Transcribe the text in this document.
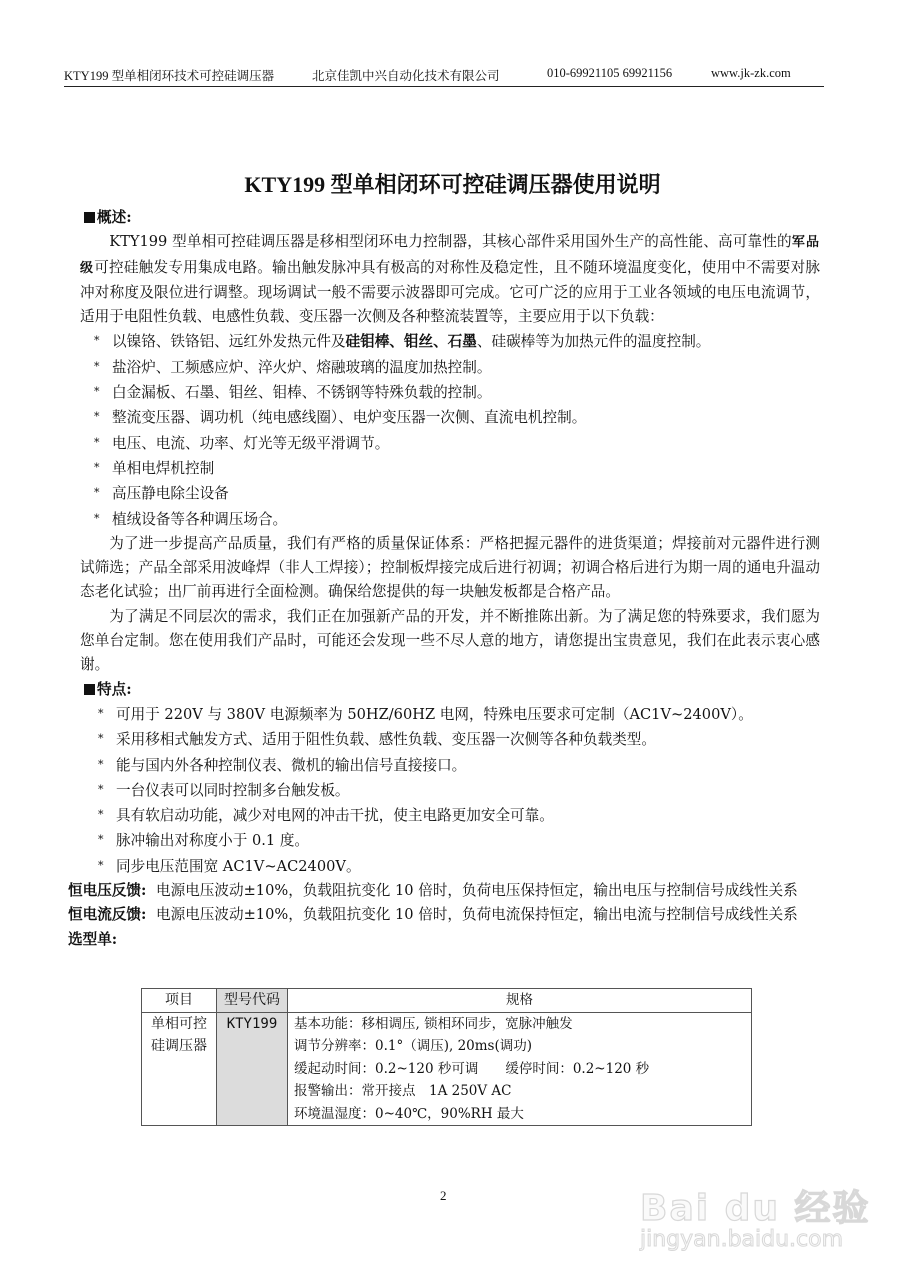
KTY199 型单相闭环技术可控硅调压器	北京佳凯中兴自动化技术有限公司	010-69921105 69921156	www.jk-zk.com
KTY199 型单相闭环可控硅调压器使用说明
概述:
KTY199 型单相可控硅调压器是移相型闭环电力控制器，其核心部件采用国外生产的高性能、高可靠性的军品级可控硅触发专用集成电路。输出触发脉冲具有极高的对称性及稳定性，且不随环境温度变化，使用中不需要对脉冲对称度及限位进行调整。现场调试一般不需要示波器即可完成。它可广泛的应用于工业各领域的电压电流调节，适用于电阻性负载、电感性负载、变压器一次侧及各种整流装置等，主要应用于以下负载：
* 以镍铬、铁铬铝、远红外发热元件及硅钼棒、钼丝、石墨、硅碳棒等为加热元件的温度控制。
* 盐浴炉、工频感应炉、淬火炉、熔融玻璃的温度加热控制。
* 白金漏板、石墨、钼丝、钼棒、不锈钢等特殊负载的控制。
* 整流变压器、调功机（纯电感线圈）、电炉变压器一次侧、直流电机控制。
* 电压、电流、功率、灯光等无级平滑调节。
* 单相电焊机控制
* 高压静电除尘设备
* 植绒设备等各种调压场合。
为了进一步提高产品质量，我们有严格的质量保证体系：严格把握元器件的进货渠道；焊接前对元器件进行测试筛选；产品全部采用波峰焊（非人工焊接）；控制板焊接完成后进行初调；初调合格后进行为期一周的通电升温动态老化试验；出厂前再进行全面检测。确保给您提供的每一块触发板都是合格产品。
为了满足不同层次的需求，我们正在加强新产品的开发，并不断推陈出新。为了满足您的特殊要求，我们愿为您单台定制。您在使用我们产品时，可能还会发现一些不尽人意的地方，请您提出宝贵意见，我们在此表示衷心感谢。
特点:
* 可用于 220V 与 380V 电源频率为 50HZ/60HZ 电网，特殊电压要求可定制（AC1V~2400V）。
* 采用移相式触发方式、适用于阻性负载、感性负载、变压器一次侧等各种负载类型。
* 能与国内外各种控制仪表、微机的输出信号直接接口。
* 一台仪表可以同时控制多台触发板。
* 具有软启动功能，减少对电网的冲击干扰，使主电路更加安全可靠。
* 脉冲输出对称度小于 0.1 度。
* 同步电压范围宽 AC1V~AC2400V。
恒电压反馈: 电源电压波动±10%，负载阻抗变化 10 倍时，负荷电压保持恒定，输出电压与控制信号成线性关系
恒电流反馈: 电源电压波动±10%，负载阻抗变化 10 倍时，负荷电流保持恒定，输出电流与控制信号成线性关系
选型单:
项目	型号代码	规格
单相可控硅调压器	KTY199	基本功能：移相调压, 锁相环同步，宽脉冲触发
调节分辨率：0.1°（调压), 20ms(调功)
缓起动时间：0.2~120 秒可调　　缓停时间：0.2~120 秒
报警输出：常开接点　1A 250V AC
环境温湿度：0~40℃，90%RH 最大
2	Bai du 经验
jingyan.baidu.com
